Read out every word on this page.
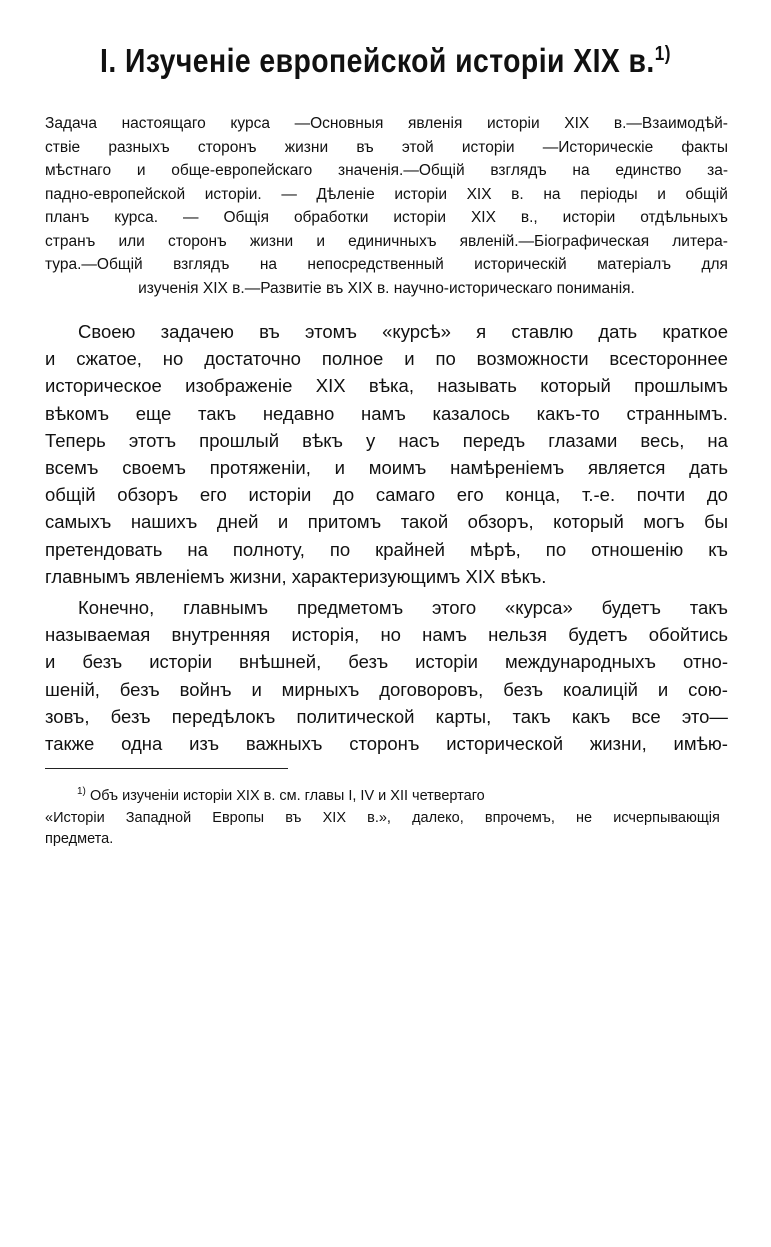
I. Изученіе европейской исторіи XIX в.$^{1)}$
Задача настоящаго курса —Основныя явленія исторіи XIX в.—Взаимодѣй-
ствіе разныхъ сторонъ жизни въ этой исторіи —Историческіе факты
мѣстнаго и обще-европейскаго значенія.—Общій взглядъ на единство за-
падно-европейской исторіи. — Дѣленіе исторіи XIX в. на періоды и общій
планъ курса. — Общія обработки исторіи XIX в., исторіи отдѣльныхъ
странъ или сторонъ жизни и единичныхъ явленій.—Біографическая литера-
тура.—Общій взглядъ на непосредственный историческій матеріалъ для
изученія XIX в.—Развитіе въ XIX в. научно-историческаго пониманія.
Своею задачею въ этомъ «курсѣ» я ставлю дать краткое
и сжатое, но достаточно полное и по возможности всестороннее
историческое изображеніе XIX вѣка, называть который прошлымъ
вѣкомъ еще такъ недавно намъ казалось какъ-то страннымъ.
Теперь этотъ прошлый вѣкъ у насъ передъ глазами весь, на
всемъ своемъ протяженіи, и моимъ намѣреніемъ является дать
общій обзоръ его исторіи до самаго его конца, т.-е. почти до
самыхъ нашихъ дней и притомъ такой обзоръ, который могъ бы
претендовать на полноту, по крайней мѣрѣ, по отношенію къ
главнымъ явленіемъ жизни, характеризующимъ XIX вѣкъ.
Конечно, главнымъ предметомъ этого «курса» будетъ такъ
называемая внутренняя исторія, но намъ нельзя будетъ обойтись
и безъ исторіи внѣшней, безъ исторіи международныхъ отно-
шеній, безъ войнъ и мирныхъ договоровъ, безъ коалицій и сою-
зовъ, безъ передѣлокъ политической карты, такъ какъ все это—
также одна изъ важныхъ сторонъ исторической жизни, имѣю-
$^{1)}$ Объ изученіи исторіи XIX в. см. главы I, IV и XII четвертаго
«Исторіи Западной Европы въ XIX в.», далеко, впрочемъ, не исчерпывающія
предмета.
